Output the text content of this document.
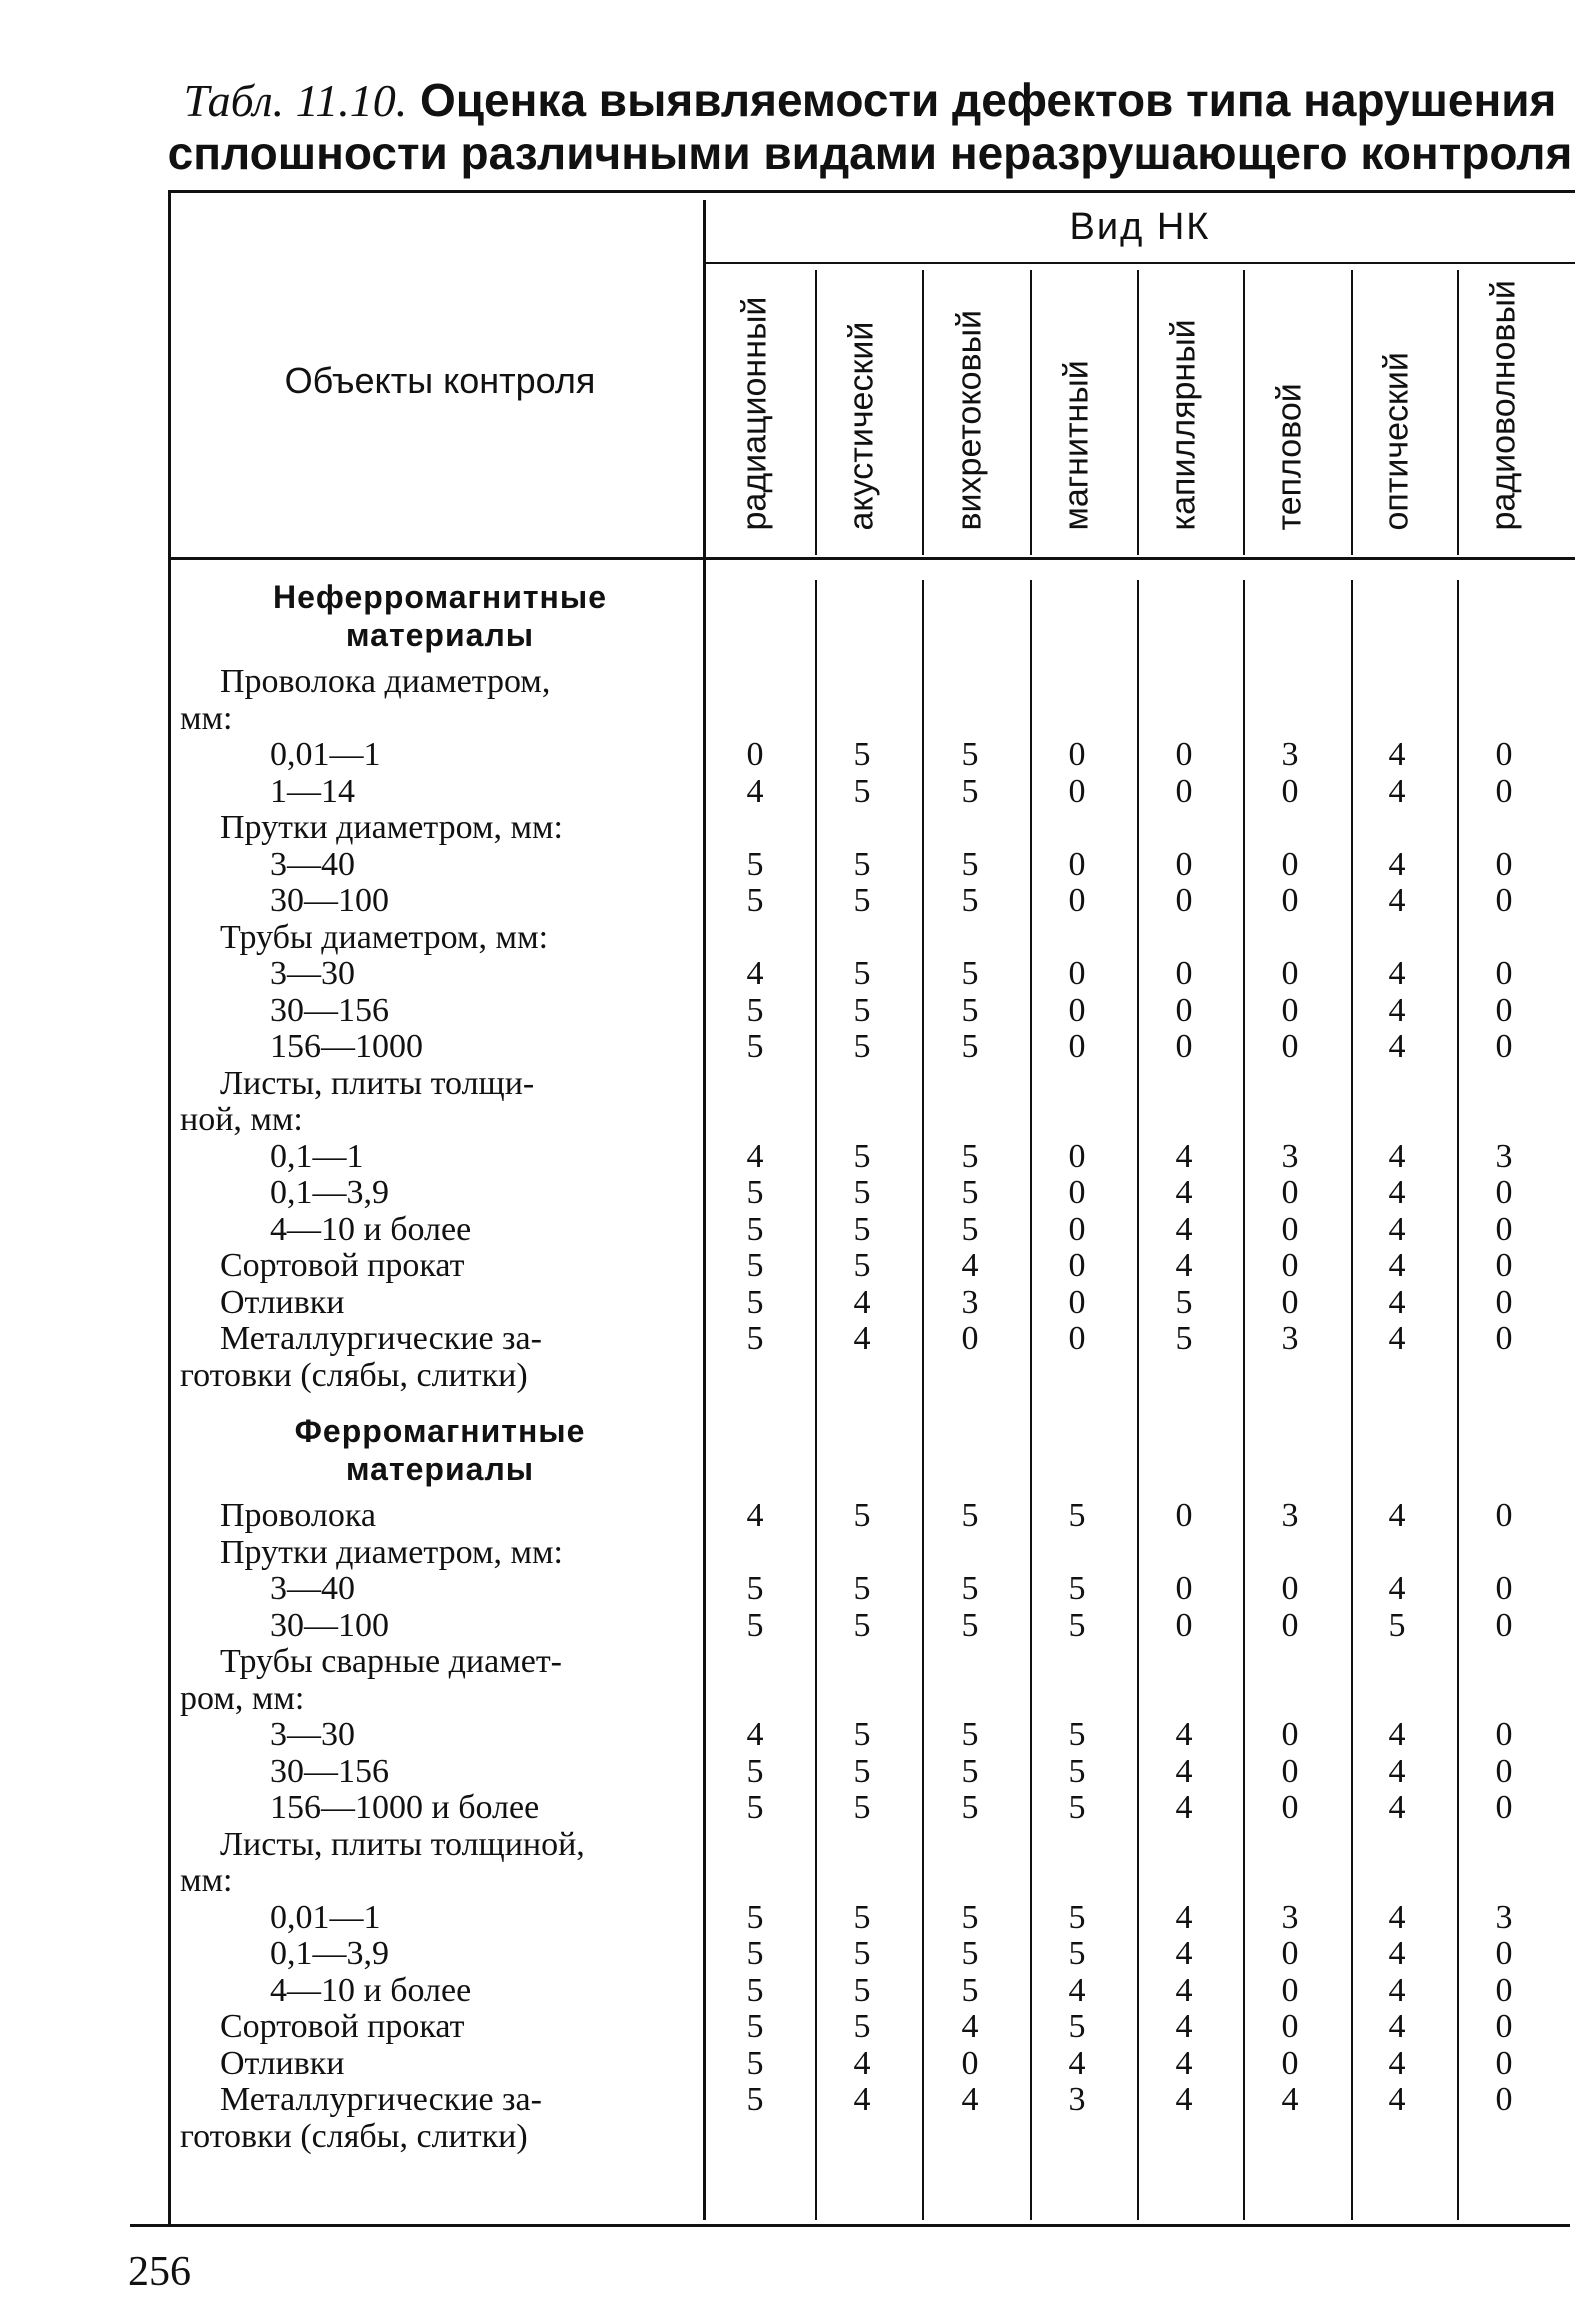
Табл. 11.10. Оценка выявляемости дефектов типа нарушения
сплошности различными видами неразрушающего контроля
Объекты контроля
Вид НК
радиационный акустический вихретоковый магнитный капиллярный тепловой оптический радиоволновый
Неферромагнитные
материалы
Проволока диаметром,
мм:
0,01—1	0	5	5	0	0	3	4	0
1—14	4	5	5	0	0	0	4	0
Прутки диаметром, мм:
3—40	5	5	5	0	0	0	4	0
30—100	5	5	5	0	0	0	4	0
Трубы диаметром, мм:
3—30	4	5	5	0	0	0	4	0
30—156	5	5	5	0	0	0	4	0
156—1000	5	5	5	0	0	0	4	0
Листы, плиты толщи-
ной, мм:
0,1—1	4	5	5	0	4	3	4	3
0,1—3,9	5	5	5	0	4	0	4	0
4—10 и более	5	5	5	0	4	0	4	0
Сортовой прокат	5	5	4	0	4	0	4	0
Отливки	5	4	3	0	5	0	4	0
Металлургические за-	5	4	0	0	5	3	4	0
готовки (слябы, слитки)
Ферромагнитные
материалы
Проволока	4	5	5	5	0	3	4	0
Прутки диаметром, мм:
3—40	5	5	5	5	0	0	4	0
30—100	5	5	5	5	0	0	5	0
Трубы сварные диамет-
ром, мм:
3—30	4	5	5	5	4	0	4	0
30—156	5	5	5	5	4	0	4	0
156—1000 и более	5	5	5	5	4	0	4	0
Листы, плиты толщиной,
мм:
0,01—1	5	5	5	5	4	3	4	3
0,1—3,9	5	5	5	5	4	0	4	0
4—10 и более	5	5	5	4	4	0	4	0
Сортовой прокат	5	5	4	5	4	0	4	0
Отливки	5	4	0	4	4	0	4	0
Металлургические за-	5	4	4	3	4	4	4	0
готовки (слябы, слитки)
256
